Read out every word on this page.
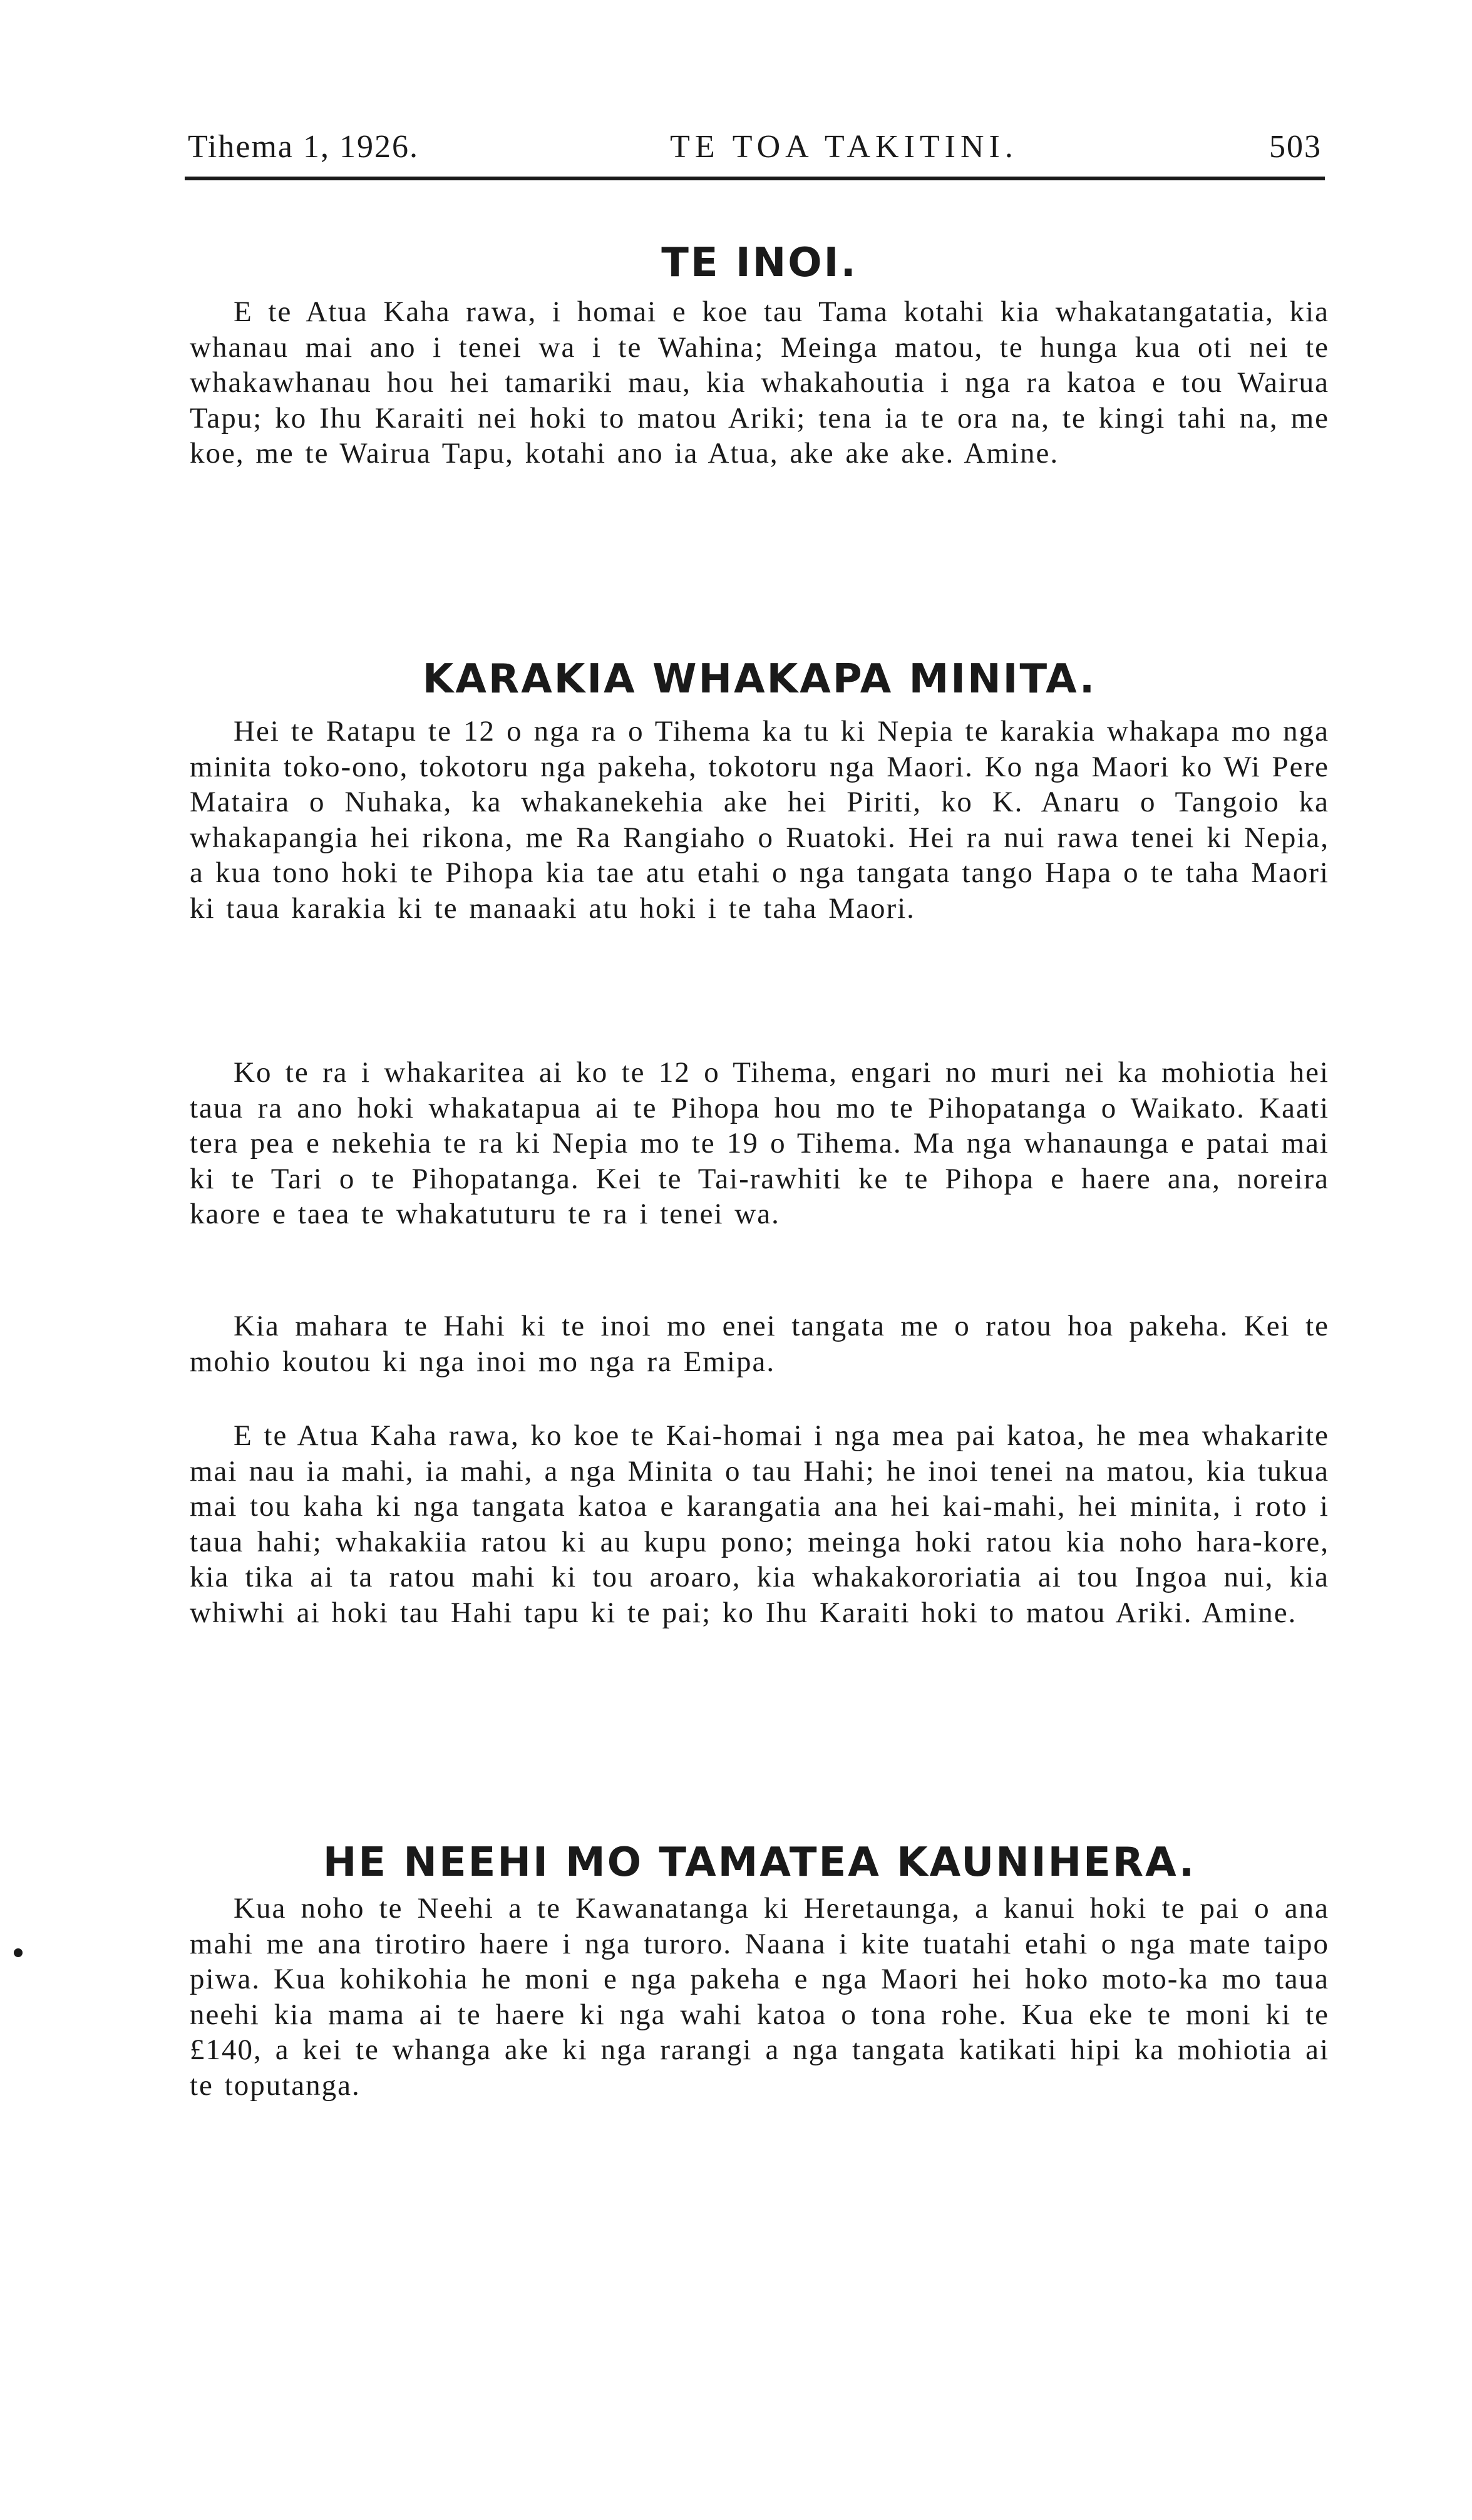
Tihema 1, 1926.	TE TOA TAKITINI.	503
TE INOI.

E te Atua Kaha rawa, i homai e koe tau Tama kotahi kia whakatangatatia, kia whanau mai ano i tenei wa i te Wahina; Meinga matou, te hunga kua oti nei te whakawhanau hou hei tamariki mau, kia whakahoutia i nga ra katoa e tou Wairua Tapu; ko Ihu Karaiti nei hoki to matou Ariki; tena ia te ora na, te kingi tahi na, me koe, me te Wairua Tapu, kotahi ano ia Atua, ake ake ake. Amine.

KARAKIA WHAKAPA MINITA.

Hei te Ratapu te 12 o nga ra o Tihema ka tu ki Nepia te karakia whakapa mo nga minita toko-ono, tokotoru nga pakeha, tokotoru nga Maori. Ko nga Maori ko Wi Pere Mataira o Nuhaka, ka whakanekehia ake hei Piriti, ko K. Anaru o Tangoio ka whakapangia hei rikona, me Ra Rangiaho o Ruatoki. Hei ra nui rawa tenei ki Nepia, a kua tono hoki te Pihopa kia tae atu etahi o nga tangata tango Hapa o te taha Maori ki taua karakia ki te manaaki atu hoki i te taha Maori.

Ko te ra i whakaritea ai ko te 12 o Tihema, engari no muri nei ka mohiotia hei taua ra ano hoki whakatapua ai te Pihopa hou mo te Pihopatanga o Waikato. Kaati tera pea e nekehia te ra ki Nepia mo te 19 o Tihema. Ma nga whanaunga e patai mai ki te Tari o te Pihopatanga. Kei te Tai-rawhiti ke te Pihopa e haere ana, noreira kaore e taea te whakatuturu te ra i tenei wa.

Kia mahara te Hahi ki te inoi mo enei tangata me o ratou hoa pakeha. Kei te mohio koutou ki nga inoi mo nga ra Emipa.

E te Atua Kaha rawa, ko koe te Kai-homai i nga mea pai katoa, he mea whakarite mai nau ia mahi, ia mahi, a nga Minita o tau Hahi; he inoi tenei na matou, kia tukua mai tou kaha ki nga tangata katoa e karangatia ana hei kai-mahi, hei minita, i roto i taua hahi; whakakiia ratou ki au kupu pono; meinga hoki ratou kia noho hara-kore, kia tika ai ta ratou mahi ki tou aroaro, kia whakakororiatia ai tou Ingoa nui, kia whiwhi ai hoki tau Hahi tapu ki te pai; ko Ihu Karaiti hoki to matou Ariki. Amine.

HE NEEHI MO TAMATEA KAUNIHERA.

Kua noho te Neehi a te Kawanatanga ki Heretaunga, a kanui hoki te pai o ana mahi me ana tirotiro haere i nga turoro. Naana i kite tuatahi etahi o nga mate taipo piwa. Kua kohikohia he moni e nga pakeha e nga Maori hei hoko moto-ka mo taua neehi kia mama ai te haere ki nga wahi katoa o tona rohe. Kua eke te moni ki te £140, a kei te whanga ake ki nga rarangi a nga tangata katikati hipi ka mohiotia ai te toputanga.
